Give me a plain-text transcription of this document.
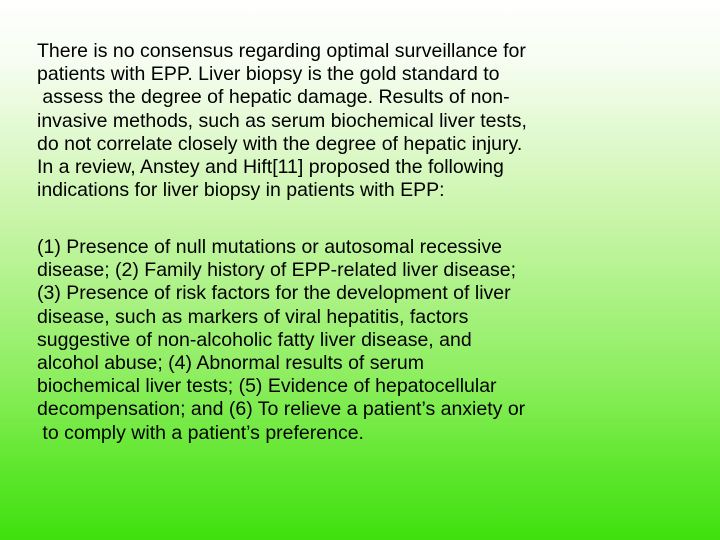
There is no consensus regarding optimal surveillance for
patients with EPP. Liver biopsy is the gold standard to
assess the degree of hepatic damage. Results of non-
invasive methods, such as serum biochemical liver tests,
do not correlate closely with the degree of hepatic injury.
In a review, Anstey and Hift[11] proposed the following
indications for liver biopsy in patients with EPP:
(1) Presence of null mutations or autosomal recessive
disease; (2) Family history of EPP-related liver disease;
(3) Presence of risk factors for the development of liver
disease, such as markers of viral hepatitis, factors
suggestive of non-alcoholic fatty liver disease, and
alcohol abuse; (4) Abnormal results of serum
biochemical liver tests; (5) Evidence of hepatocellular
decompensation; and (6) To relieve a patient’s anxiety or
to comply with a patient’s preference.
